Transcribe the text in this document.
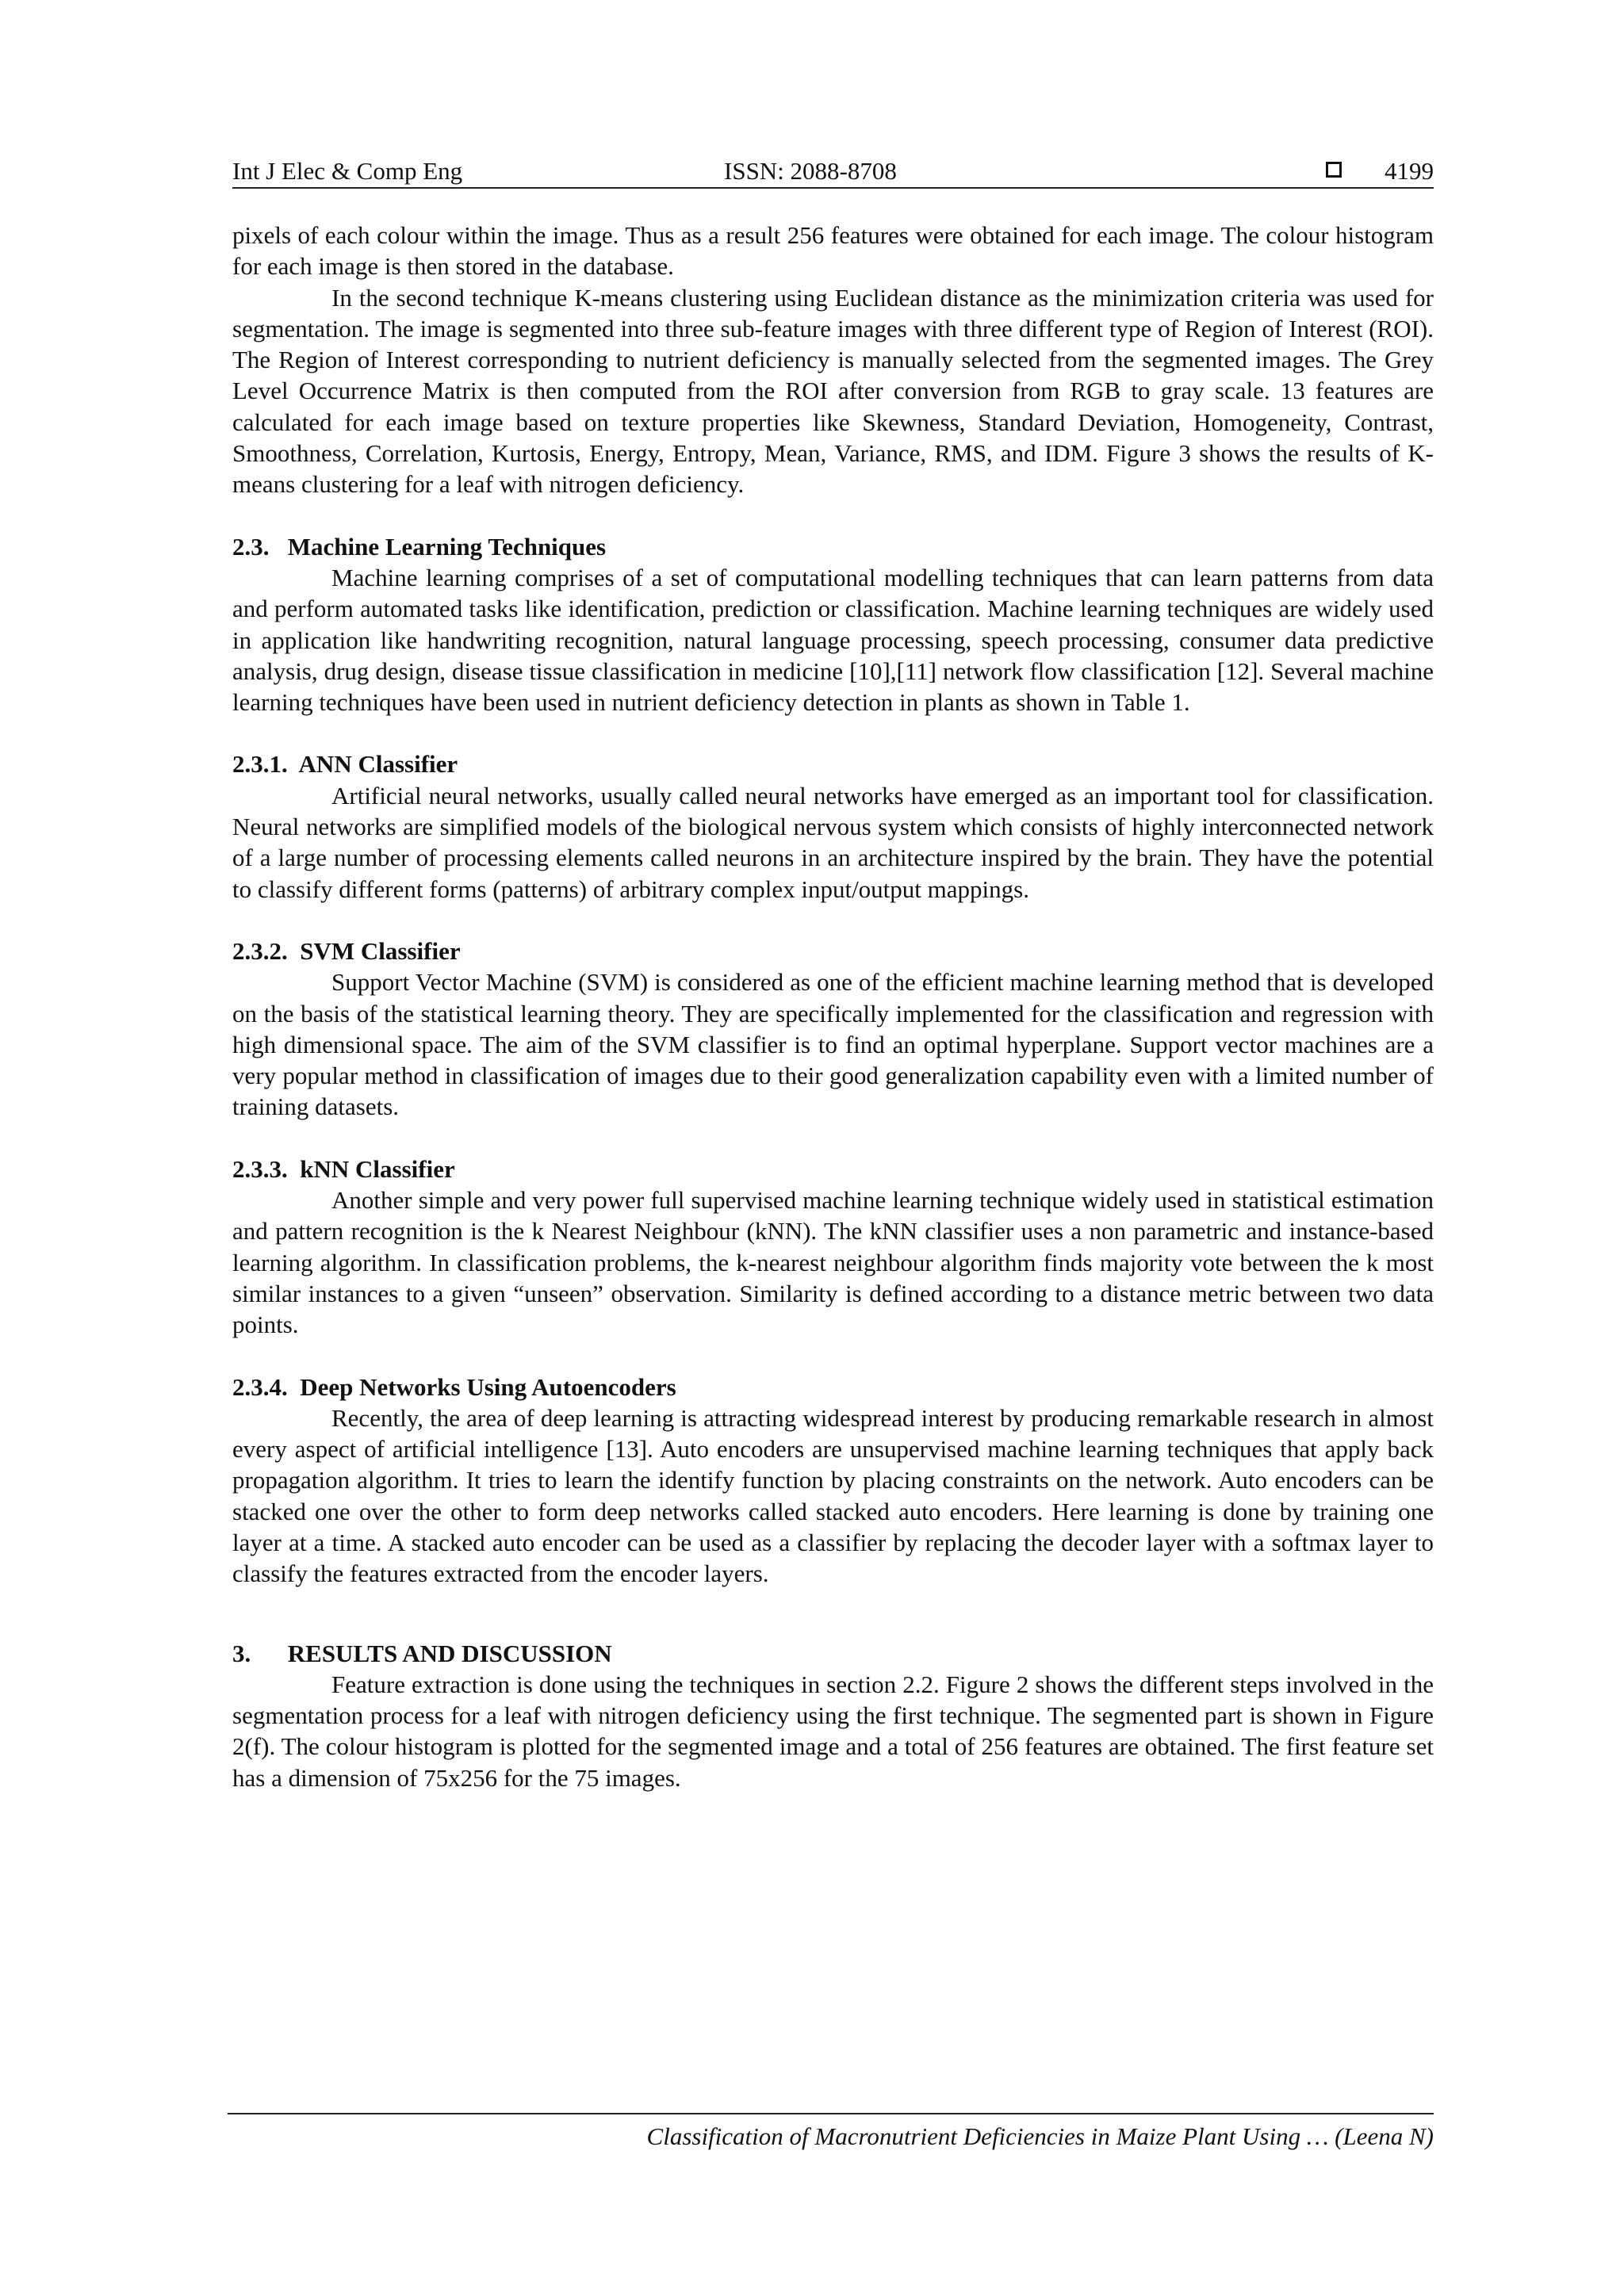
Int J Elec & Comp Eng	ISSN: 2088-8708	4199

pixels of each colour within the image. Thus as a result 256 features were obtained for each image. The colour histogram for each image is then stored in the database.

In the second technique K-means clustering using Euclidean distance as the minimization criteria was used for segmentation. The image is segmented into three sub-feature images with three different type of Region of Interest (ROI). The Region of Interest corresponding to nutrient deficiency is manually selected from the segmented images. The Grey Level Occurrence Matrix is then computed from the ROI after conversion from RGB to gray scale. 13 features are calculated for each image based on texture properties like Skewness, Standard Deviation, Homogeneity, Contrast, Smoothness, Correlation, Kurtosis, Energy, Entropy, Mean, Variance, RMS, and IDM. Figure 3 shows the results of K-means clustering for a leaf with nitrogen deficiency.

2.3.   Machine Learning Techniques

Machine learning comprises of a set of computational modelling techniques that can learn patterns from data and perform automated tasks like identification, prediction or classification. Machine learning techniques are widely used in application like handwriting recognition, natural language processing, speech processing, consumer data predictive analysis, drug design, disease tissue classification in medicine [10],[11] network flow classification [12]. Several machine learning techniques have been used in nutrient deficiency detection in plants as shown in Table 1.

2.3.1.  ANN Classifier

Artificial neural networks, usually called neural networks have emerged as an important tool for classification. Neural networks are simplified models of the biological nervous system which consists of highly interconnected network of a large number of processing elements called neurons in an architecture inspired by the brain. They have the potential to classify different forms (patterns) of arbitrary complex input/output mappings.

2.3.2.  SVM Classifier

Support Vector Machine (SVM) is considered as one of the efficient machine learning method that is developed on the basis of the statistical learning theory. They are specifically implemented for the classification and regression with high dimensional space. The aim of the SVM classifier is to find an optimal hyperplane. Support vector machines are a very popular method in classification of images due to their good generalization capability even with a limited number of training datasets.

2.3.3.  kNN Classifier

Another simple and very power full supervised machine learning technique widely used in statistical estimation and pattern recognition is the k Nearest Neighbour (kNN). The kNN classifier uses a non parametric and instance-based learning algorithm. In classification problems, the k-nearest neighbour algorithm finds majority vote between the k most similar instances to a given “unseen” observation. Similarity is defined according to a distance metric between two data points.

2.3.4.  Deep Networks Using Autoencoders

Recently, the area of deep learning is attracting widespread interest by producing remarkable research in almost every aspect of artificial intelligence [13]. Auto encoders are unsupervised machine learning techniques that apply back propagation algorithm. It tries to learn the identify function by placing constraints on the network. Auto encoders can be stacked one over the other to form deep networks called stacked auto encoders. Here learning is done by training one layer at a time. A stacked auto encoder can be used as a classifier by replacing the decoder layer with a softmax layer to classify the features extracted from the encoder layers.

3.      RESULTS AND DISCUSSION

Feature extraction is done using the techniques in section 2.2. Figure 2 shows the different steps involved in the segmentation process for a leaf with nitrogen deficiency using the first technique. The segmented part is shown in Figure 2(f). The colour histogram is plotted for the segmented image and a total of 256 features are obtained. The first feature set has a dimension of 75x256 for the 75 images.

Classification of Macronutrient Deficiencies in Maize Plant Using … (Leena N)
